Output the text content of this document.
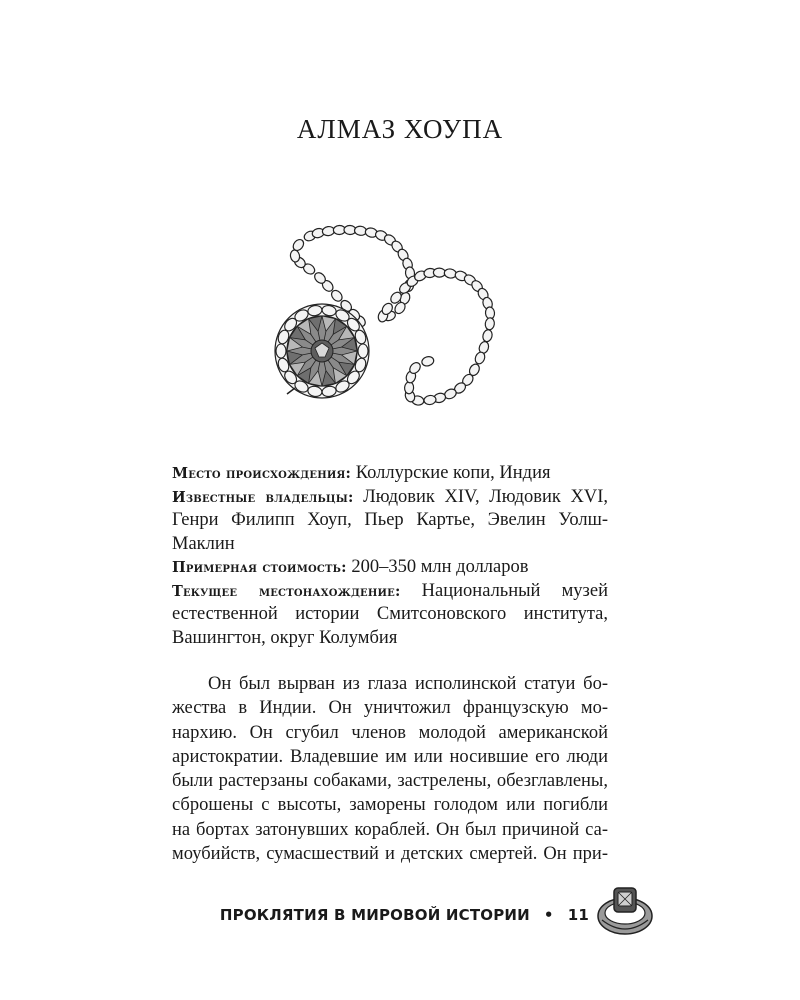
АЛМАЗ ХОУПА

Место происхождения: Коллурские копи, Индия

Известные владельцы: Людовик XIV, Людовик XVI, Генри Филипп Хоуп, Пьер Картье, Эвелин Уолш-Маклин

Примерная стоимость: 200–350 млн долларов

Текущее местонахождение: Национальный музей естественной истории Смитсоновского института, Вашингтон, округ Колумбия

Он был вырван из глаза исполинской статуи бо-
жества в Индии. Он уничтожил французскую мо-
нархию. Он сгубил членов молодой американской
аристократии. Владевшие им или носившие его люди
были растерзаны собаками, застрелены, обезглавлены,
сброшены с высоты, заморены голодом или погибли
на бортах затонувших кораблей. Он был причиной са-
моубийств, сумасшествий и детских смертей. Он при-
ПРОКЛЯТИЯ В МИРОВОЙ ИСТОРИИ • 11
